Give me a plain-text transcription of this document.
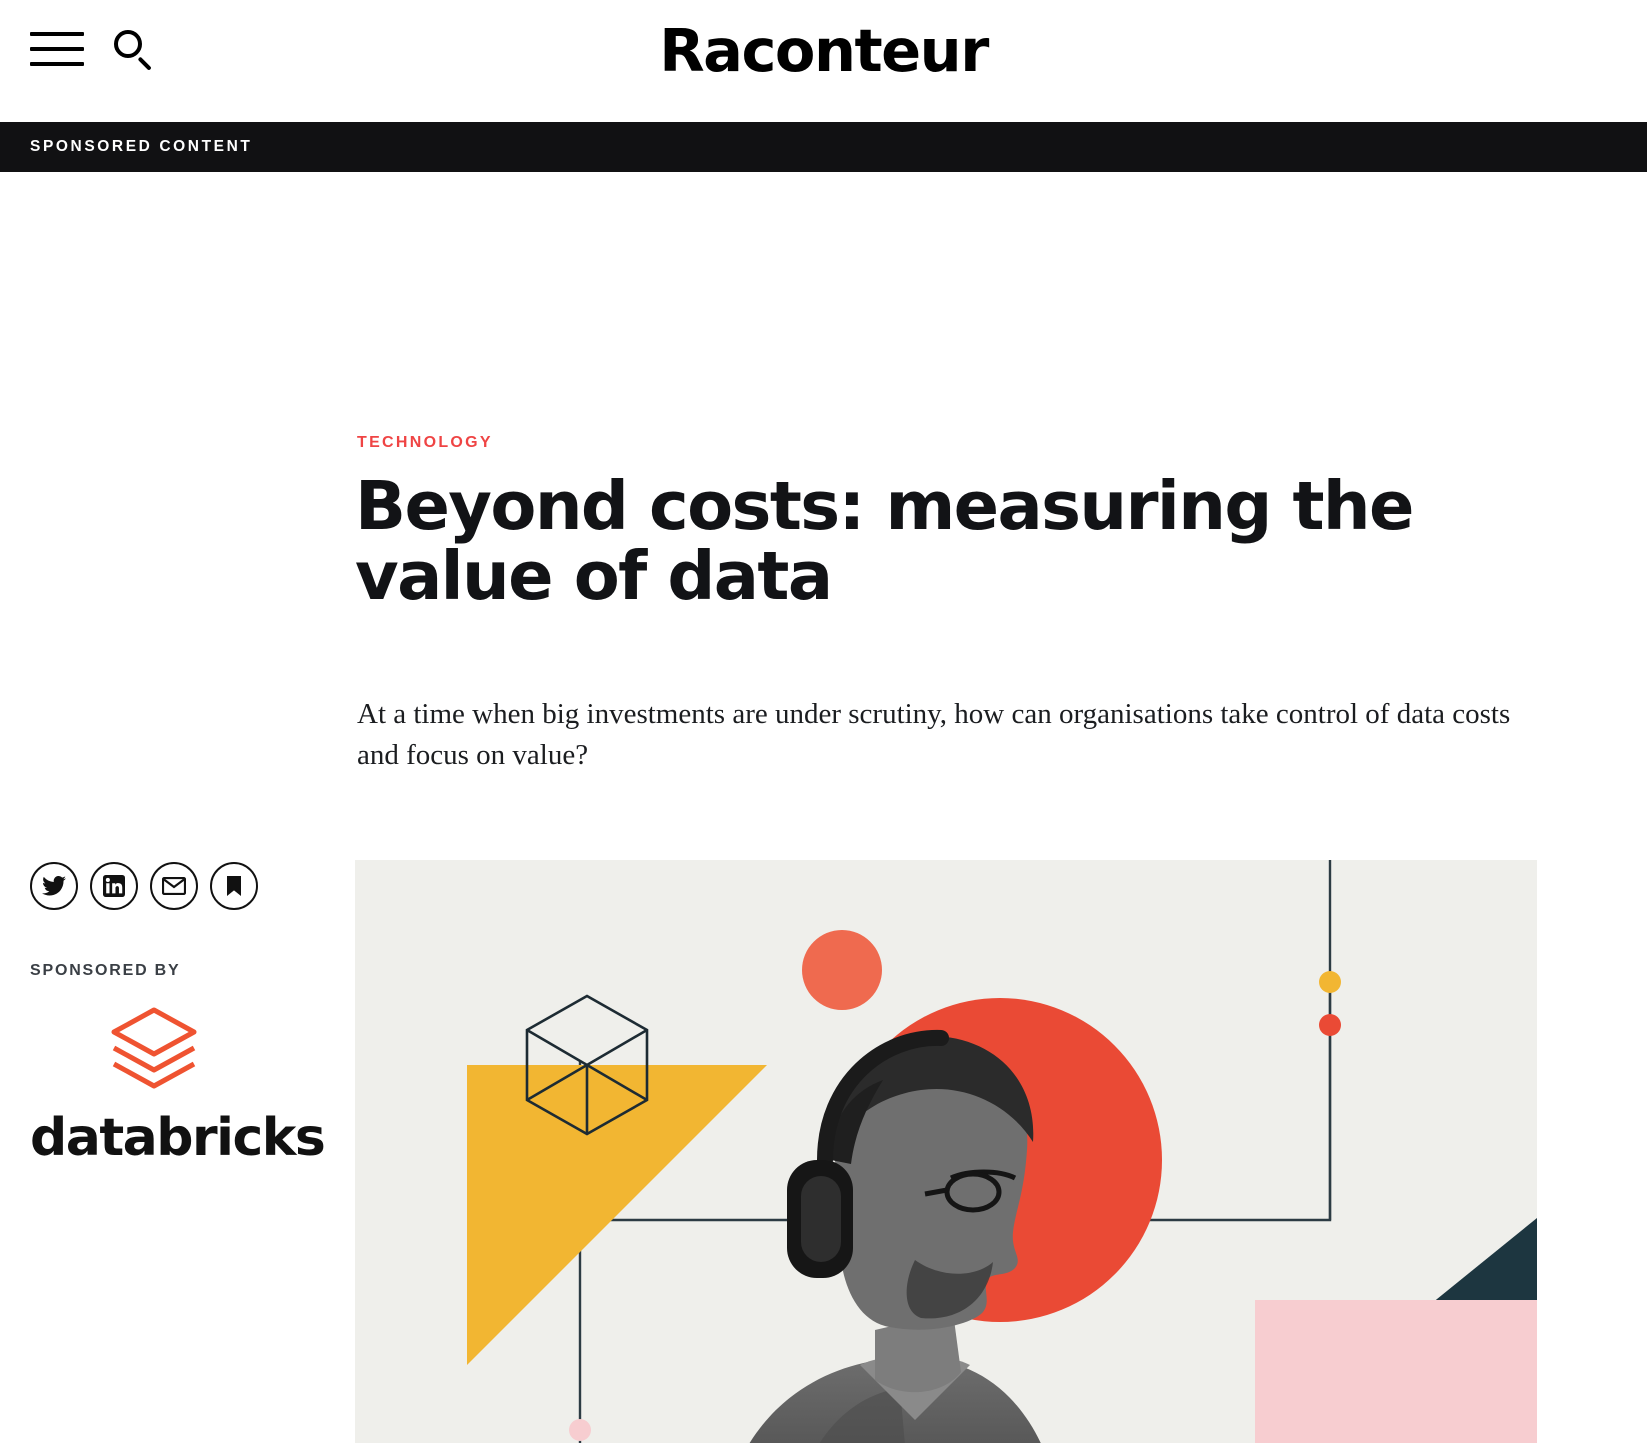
Raconteur
SPONSORED CONTENT
TECHNOLOGY
Beyond costs: measuring the value of data

At a time when big investments are under scrutiny, how can organisations take control of data costs and focus on value?

SPONSORED BY
databricks
